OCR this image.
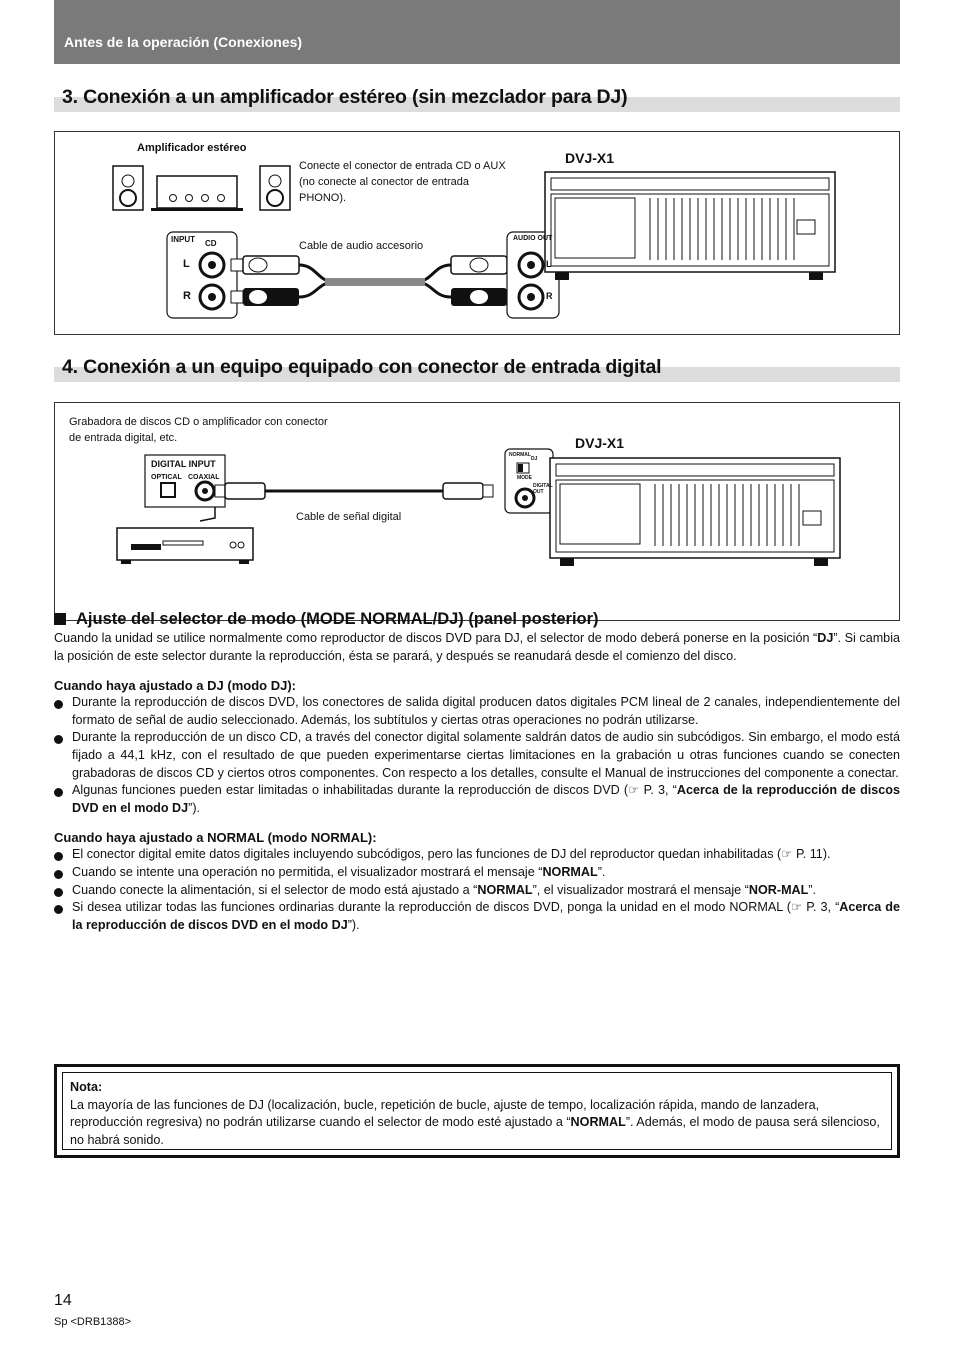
Antes de la operación (Conexiones)
3. Conexión a un amplificador estéreo (sin mezclador para DJ)
Amplificador estéreo
Conecte el conector de entrada CD o AUX (no conecte al conector de entrada PHONO).
Cable de audio accesorio
DVJ-X1
INPUT CD
L
R
AUDIO OUT
L
R
4. Conexión a un equipo equipado con conector de entrada digital
Grabadora de discos CD o amplificador con conector de entrada digital, etc.
Cable de señal digital
DVJ-X1
DIGITAL INPUT
OPTICAL COAXIAL
NORMAL
DJ
MODE
DIGITAL OUT
Ajuste del selector de modo (MODE NORMAL/DJ) (panel posterior)
Cuando la unidad se utilice normalmente como reproductor de discos DVD para DJ, el selector de modo deberá ponerse en la posición “DJ”. Si cambia la posición de este selector durante la reproducción, ésta se parará, y después se reanudará desde el comienzo del disco.
Cuando haya ajustado a DJ (modo DJ):
Durante la reproducción de discos DVD, los conectores de salida digital producen datos digitales PCM lineal de 2 canales, independientemente del formato de señal de audio seleccionado. Además, los subtítulos y ciertas otras operaciones no podrán utilizarse.
Durante la reproducción de un disco CD, a través del conector digital solamente saldrán datos de audio sin subcódigos. Sin embargo, el modo está fijado a 44,1 kHz, con el resultado de que pueden experimentarse ciertas limitaciones en la grabación u otras funciones cuando se conecten grabadoras de discos CD y ciertos otros componentes. Con respecto a los detalles, consulte el Manual de instrucciones del componente a conectar.
Algunas funciones pueden estar limitadas o inhabilitadas durante la reproducción de discos DVD (☞ P. 3, “Acerca de la reproducción de discos DVD en el modo DJ”).
Cuando haya ajustado a NORMAL (modo NORMAL):
El conector digital emite datos digitales incluyendo subcódigos, pero las funciones de DJ del reproductor quedan inhabilitadas (☞ P. 11).
Cuando se intente una operación no permitida, el visualizador mostrará el mensaje “NORMAL”.
Cuando conecte la alimentación, si el selector de modo está ajustado a “NORMAL”, el visualizador mostrará el mensaje “NOR-MAL”.
Si desea utilizar todas las funciones ordinarias durante la reproducción de discos DVD, ponga la unidad en el modo NORMAL (☞ P. 3, “Acerca de la reproducción de discos DVD en el modo DJ”).
Nota:
La mayoría de las funciones de DJ (localización, bucle, repetición de bucle, ajuste de tempo, localización rápida, mando de lanzadera, reproducción regresiva) no podrán utilizarse cuando el selector de modo esté ajustado a “NORMAL”. Además, el modo de pausa será silencioso, no habrá sonido.
14
Sp <DRB1388>
